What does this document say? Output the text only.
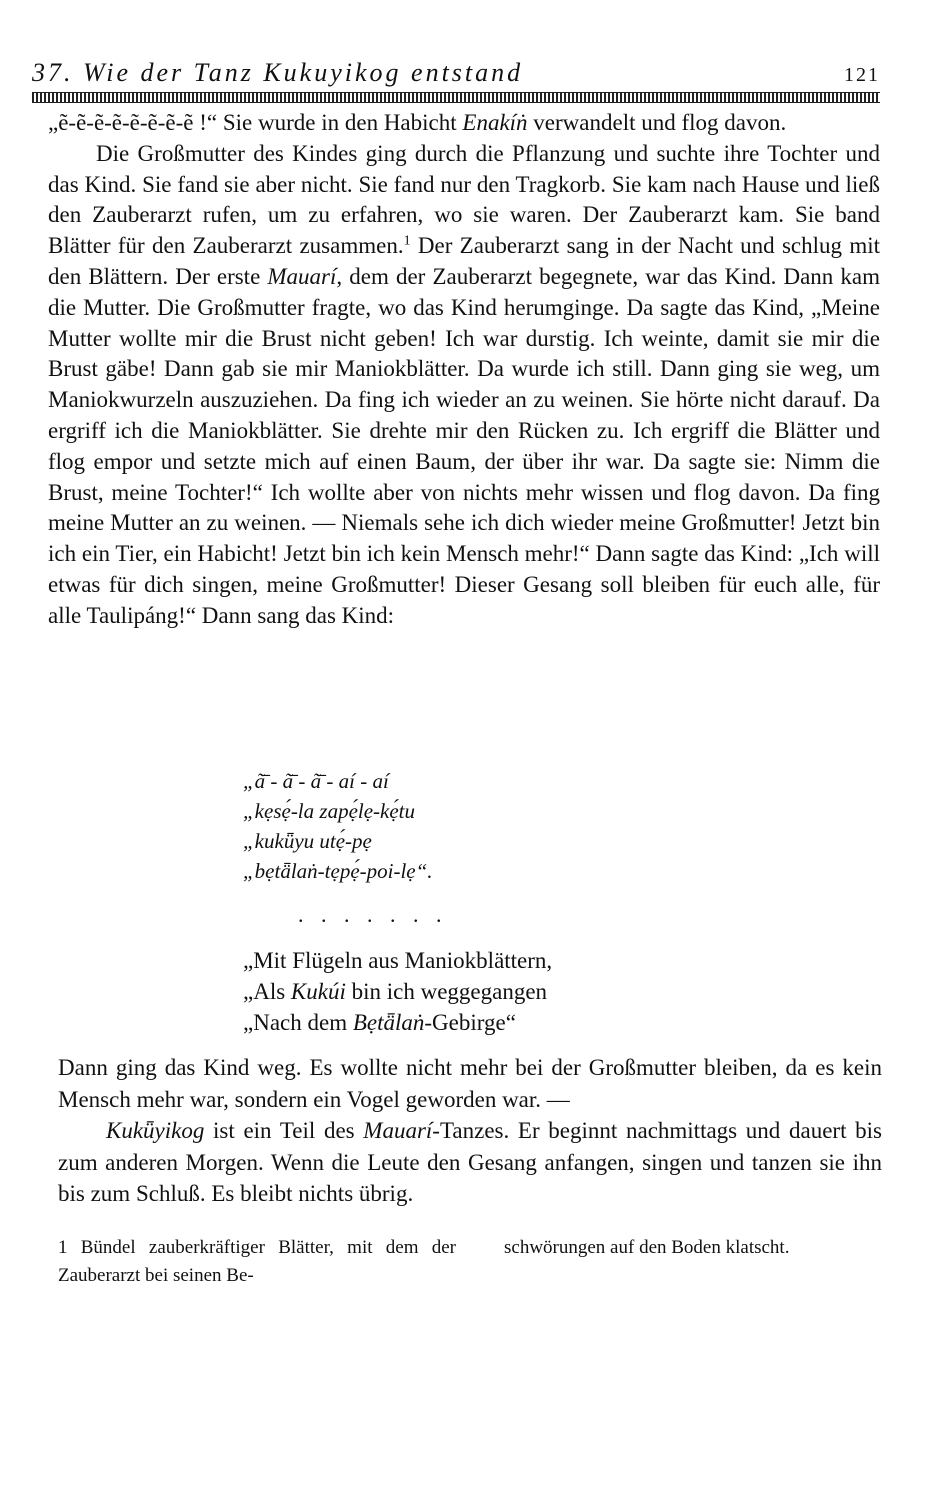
37. Wie der Tanz Kukuyikog entstand	121

„ẽ-ẽ-ẽ-ẽ-ẽ-ẽ-ẽ-ẽ !“ Sie wurde in den Habicht Enakíṅ verwandelt und flog davon.

Die Großmutter des Kindes ging durch die Pflanzung und suchte ihre Tochter und das Kind. Sie fand sie aber nicht. Sie fand nur den Tragkorb. Sie kam nach Hause und ließ den Zauberarzt rufen, um zu erfahren, wo sie waren. Der Zauberarzt kam. Sie band Blätter für den Zauberarzt zusammen.$^1$ Der Zauberarzt sang in der Nacht und schlug mit den Blättern. Der erste Mauarí, dem der Zauberarzt begegnete, war das Kind. Dann kam die Mutter. Die Großmutter fragte, wo das Kind herumginge. Da sagte das Kind, „Meine Mutter wollte mir die Brust nicht geben! Ich war durstig. Ich weinte, damit sie mir die Brust gäbe! Dann gab sie mir Maniokblätter. Da wurde ich still. Dann ging sie weg, um Maniokwurzeln auszuziehen. Da fing ich wieder an zu weinen. Sie hörte nicht darauf. Da ergriff ich die Maniokblätter. Sie drehte mir den Rücken zu. Ich ergriff die Blätter und flog empor und setzte mich auf einen Baum, der über ihr war. Da sagte sie: Nimm die Brust, meine Tochter!“ Ich wollte aber von nichts mehr wissen und flog davon. Da fing meine Mutter an zu weinen. — Niemals sehe ich dich wieder meine Großmutter! Jetzt bin ich ein Tier, ein Habicht! Jetzt bin ich kein Mensch mehr!“ Dann sagte das Kind: „Ich will etwas für dich singen, meine Großmutter! Dieser Gesang soll bleiben für euch alle, für alle Taulipáng!“ Dann sang das Kind:

„ã̄ - ã̄ - ã̄ - aí - aí
„kẹsẹ́-la zapẹ́lẹ-kẹ́tu
„kukǖyu utẹ́-pẹ
„bẹtǟlaṅ-tẹpẹ́-poi-lẹ“.
. . . . . . .
„Mit Flügeln aus Maniokblättern,
„Als Kukúi bin ich weggegangen
„Nach dem Bẹtǟlaṅ-Gebirge“

Dann ging das Kind weg. Es wollte nicht mehr bei der Großmutter bleiben, da es kein Mensch mehr war, sondern ein Vogel geworden war. —

Kukǖyikog ist ein Teil des Mauarí-Tanzes. Er beginnt nachmittags und dauert bis zum anderen Morgen. Wenn die Leute den Gesang anfangen, singen und tanzen sie ihn bis zum Schluß. Es bleibt nichts übrig.

1 Bündel zauberkräftiger Blätter, mit dem der Zauberarzt bei seinen Be-
schwörungen auf den Boden klatscht.
